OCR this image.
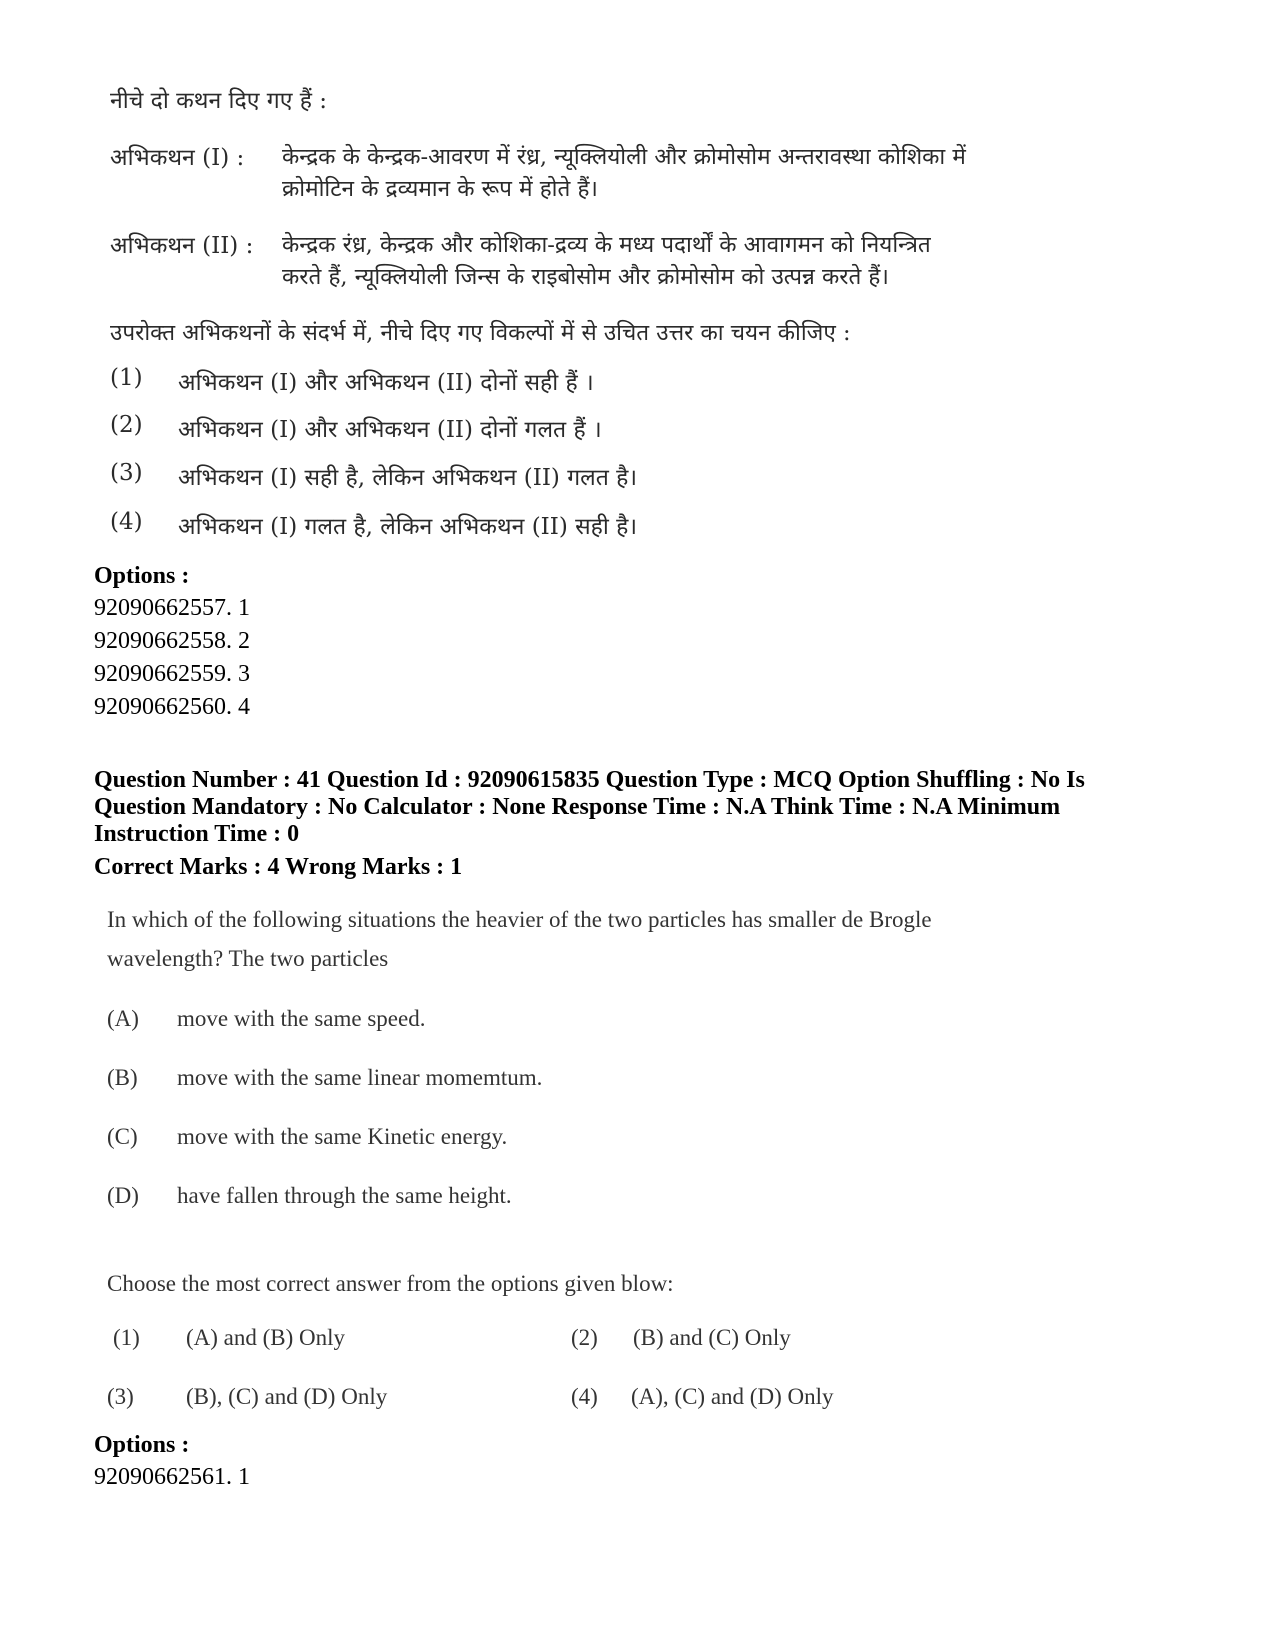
नीचे दो कथन दिए गए हैं :
अभिकथन (I) : केन्द्रक के केन्द्रक-आवरण में रंध्र, न्यूक्लियोली और क्रोमोसोम अन्तरावस्था कोशिका में
क्रोमोटिन के द्रव्यमान के रूप में होते हैं।
अभिकथन (II) : केन्द्रक रंध्र, केन्द्रक और कोशिका-द्रव्य के मध्य पदार्थों के आवागमन को नियन्त्रित
करते हैं, न्यूक्लियोली जिन्स के राइबोसोम और क्रोमोसोम को उत्पन्न करते हैं।
उपरोक्त अभिकथनों के संदर्भ में, नीचे दिए गए विकल्पों में से उचित उत्तर का चयन कीजिए :
(1) अभिकथन (I) और अभिकथन (II) दोनों सही हैं ।
(2) अभिकथन (I) और अभिकथन (II) दोनों गलत हैं ।
(3) अभिकथन (I) सही है, लेकिन अभिकथन (II) गलत है।
(4) अभिकथन (I) गलत है, लेकिन अभिकथन (II) सही है।
Options :
92090662557. 1
92090662558. 2
92090662559. 3
92090662560. 4
Question Number : 41 Question Id : 92090615835 Question Type : MCQ Option Shuffling : No Is
Question Mandatory : No Calculator : None Response Time : N.A Think Time : N.A Minimum
Instruction Time : 0
Correct Marks : 4 Wrong Marks : 1
In which of the following situations the heavier of the two particles has smaller de Brogle
wavelength? The two particles
(A) move with the same speed.
(B) move with the same linear momemtum.
(C) move with the same Kinetic energy.
(D) have fallen through the same height.
Choose the most correct answer from the options given blow:
(1) (A) and (B) Only	(2) (B) and (C) Only
(3) (B), (C) and (D) Only	(4) (A), (C) and (D) Only
Options :
92090662561. 1
